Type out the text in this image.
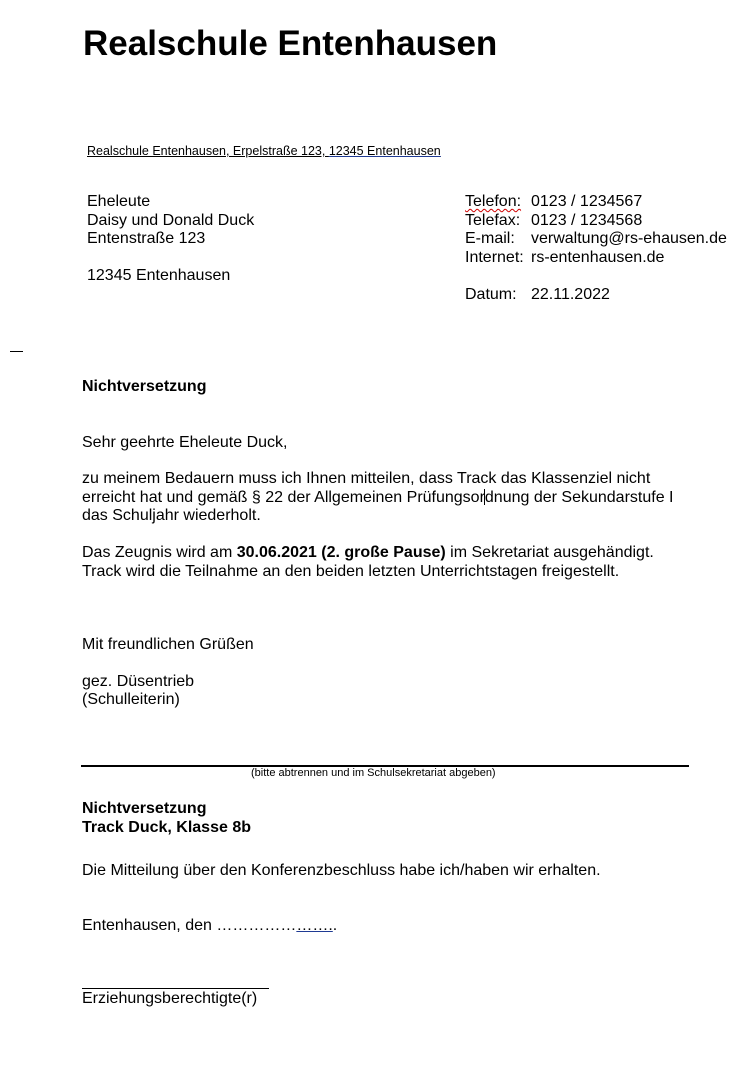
Realschule Entenhausen
Realschule Entenhausen, Erpelstraße 123, 12345 Entenhausen
Eheleute
Daisy und Donald Duck
Entenstraße 123
12345 Entenhausen
Telefon: 0123 / 1234567
Telefax: 0123 / 1234568
E-mail:	verwaltung@rs-ehausen.de
Internet: rs-entenhausen.de
Datum: 22.11.2022
Nichtversetzung
Sehr geehrte Eheleute Duck,
zu meinem Bedauern muss ich Ihnen mitteilen, dass Track das Klassenziel nicht
erreicht hat und gemäß § 22 der Allgemeinen Prüfungsordnung der Sekundarstufe I
das Schuljahr wiederholt.
Das Zeugnis wird am 30.06.2021 (2. große Pause) im Sekretariat ausgehändigt.
Track wird die Teilnahme an den beiden letzten Unterrichtstagen freigestellt.
Mit freundlichen Grüßen
gez. Düsentrieb
(Schulleiterin)
(bitte abtrennen und im Schulsekretariat abgeben)
Nichtversetzung
Track Duck, Klasse 8b
Die Mitteilung über den Konferenzbeschluss habe ich/haben wir erhalten.
Entenhausen, den …………………..
Erziehungsberechtigte(r)
